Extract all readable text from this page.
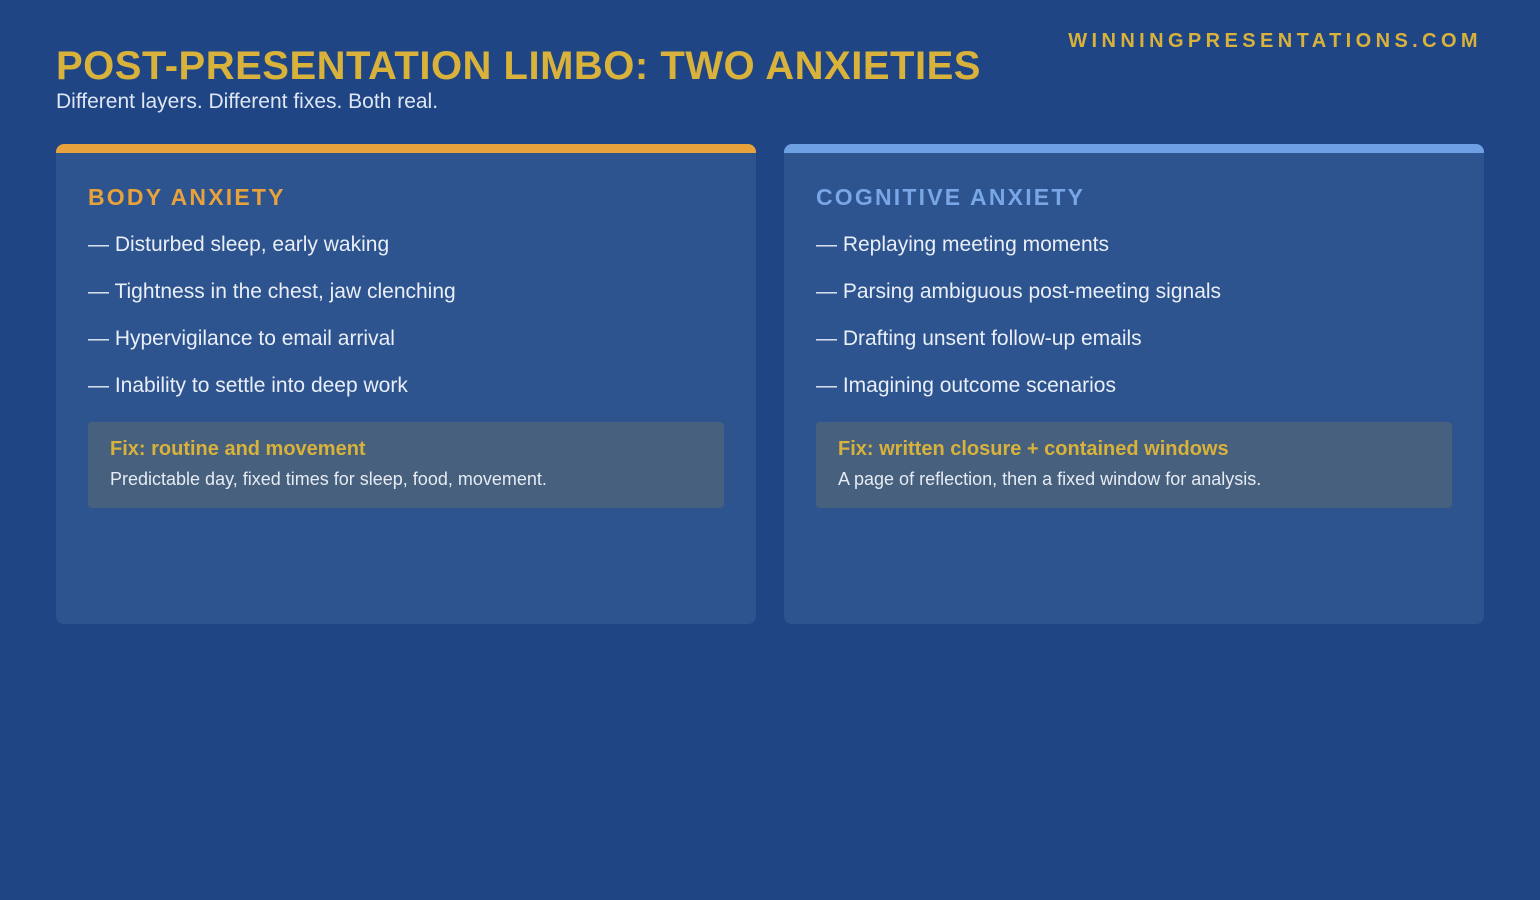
WINNINGPRESENTATIONS.COM
POST-PRESENTATION LIMBO: TWO ANXIETIES

Different layers. Different fixes. Both real.

BODY ANXIETY
— Disturbed sleep, early waking
— Tightness in the chest, jaw clenching
— Hypervigilance to email arrival
— Inability to settle into deep work

Fix: routine and movement

Predictable day, fixed times for sleep, food, movement.

COGNITIVE ANXIETY
— Replaying meeting moments
— Parsing ambiguous post-meeting signals
— Drafting unsent follow-up emails
— Imagining outcome scenarios

Fix: written closure + contained windows

A page of reflection, then a fixed window for analysis.
